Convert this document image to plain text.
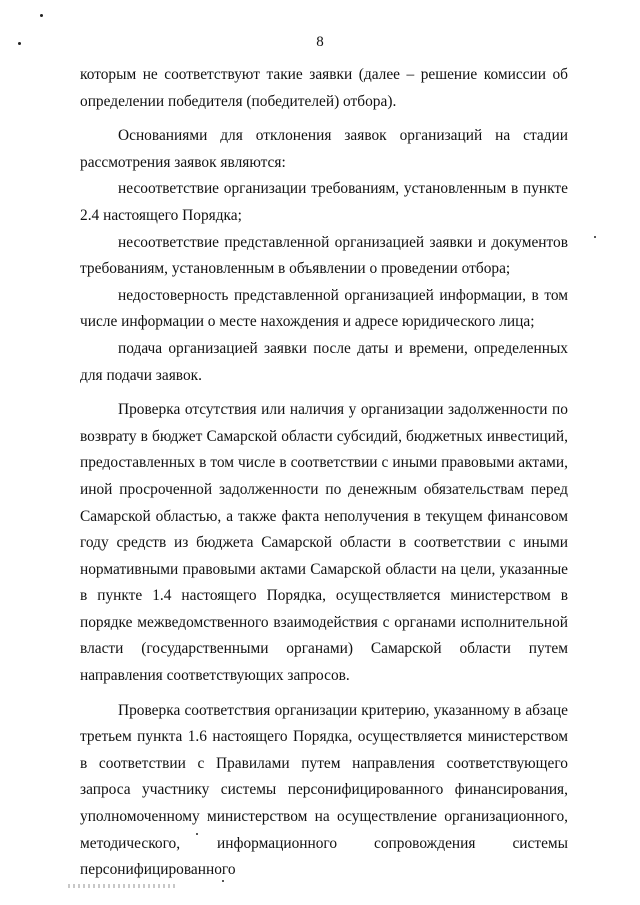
8

которым не соответствуют такие заявки (далее – решение комиссии об определении победителя (победителей) отбора).

Основаниями для отклонения заявок организаций на стадии рассмотрения заявок являются:

несоответствие организации требованиям, установленным в пункте 2.4 настоящего Порядка;

несоответствие представленной организацией заявки и документов требованиям, установленным в объявлении о проведении отбора;

недостоверность представленной организацией информации, в том числе информации о месте нахождения и адресе юридического лица;

подача организацией заявки после даты и времени, определенных для подачи заявок.

Проверка отсутствия или наличия у организации задолженности по возврату в бюджет Самарской области субсидий, бюджетных инвестиций, предоставленных в том числе в соответствии с иными правовыми актами, иной просроченной задолженности по денежным обязательствам перед Самарской областью, а также факта неполучения в текущем финансовом году средств из бюджета Самарской области в соответствии с иными нормативными правовыми актами Самарской области на цели, указанные в пункте 1.4 настоящего Порядка, осуществляется министерством в порядке межведомственного взаимодействия с органами исполнительной власти (государственными органами) Самарской области путем направления соответствующих запросов.

Проверка соответствия организации критерию, указанному в абзаце третьем пункта 1.6 настоящего Порядка, осуществляется министерством в соответствии с Правилами путем направления соответствующего запроса участнику системы персонифицированного финансирования, уполномоченному министерством на осуществление организационного, методического, информационного сопровождения системы персонифицированного
